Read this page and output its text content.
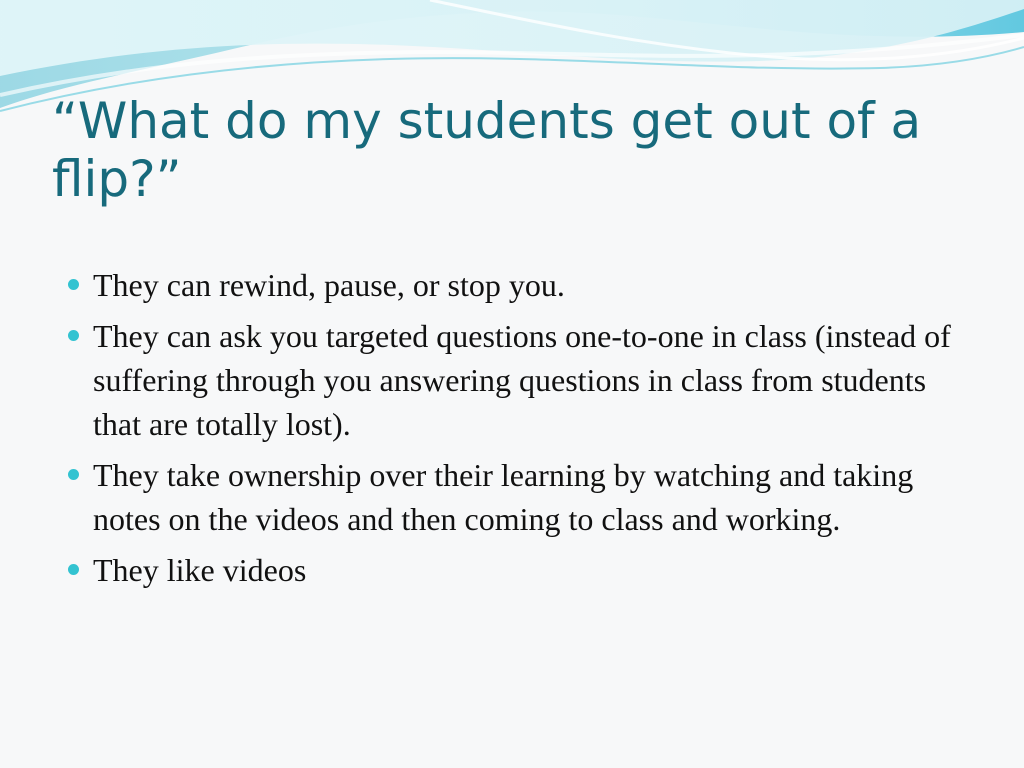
“What do my students get out of a flip?”
They can rewind, pause, or stop you.
They can ask you targeted questions one-to-one in class (instead of suffering through you answering questions in class from students that are totally lost).
They take ownership over their learning by watching and taking notes on the videos and then coming to class and working.
They like videos
